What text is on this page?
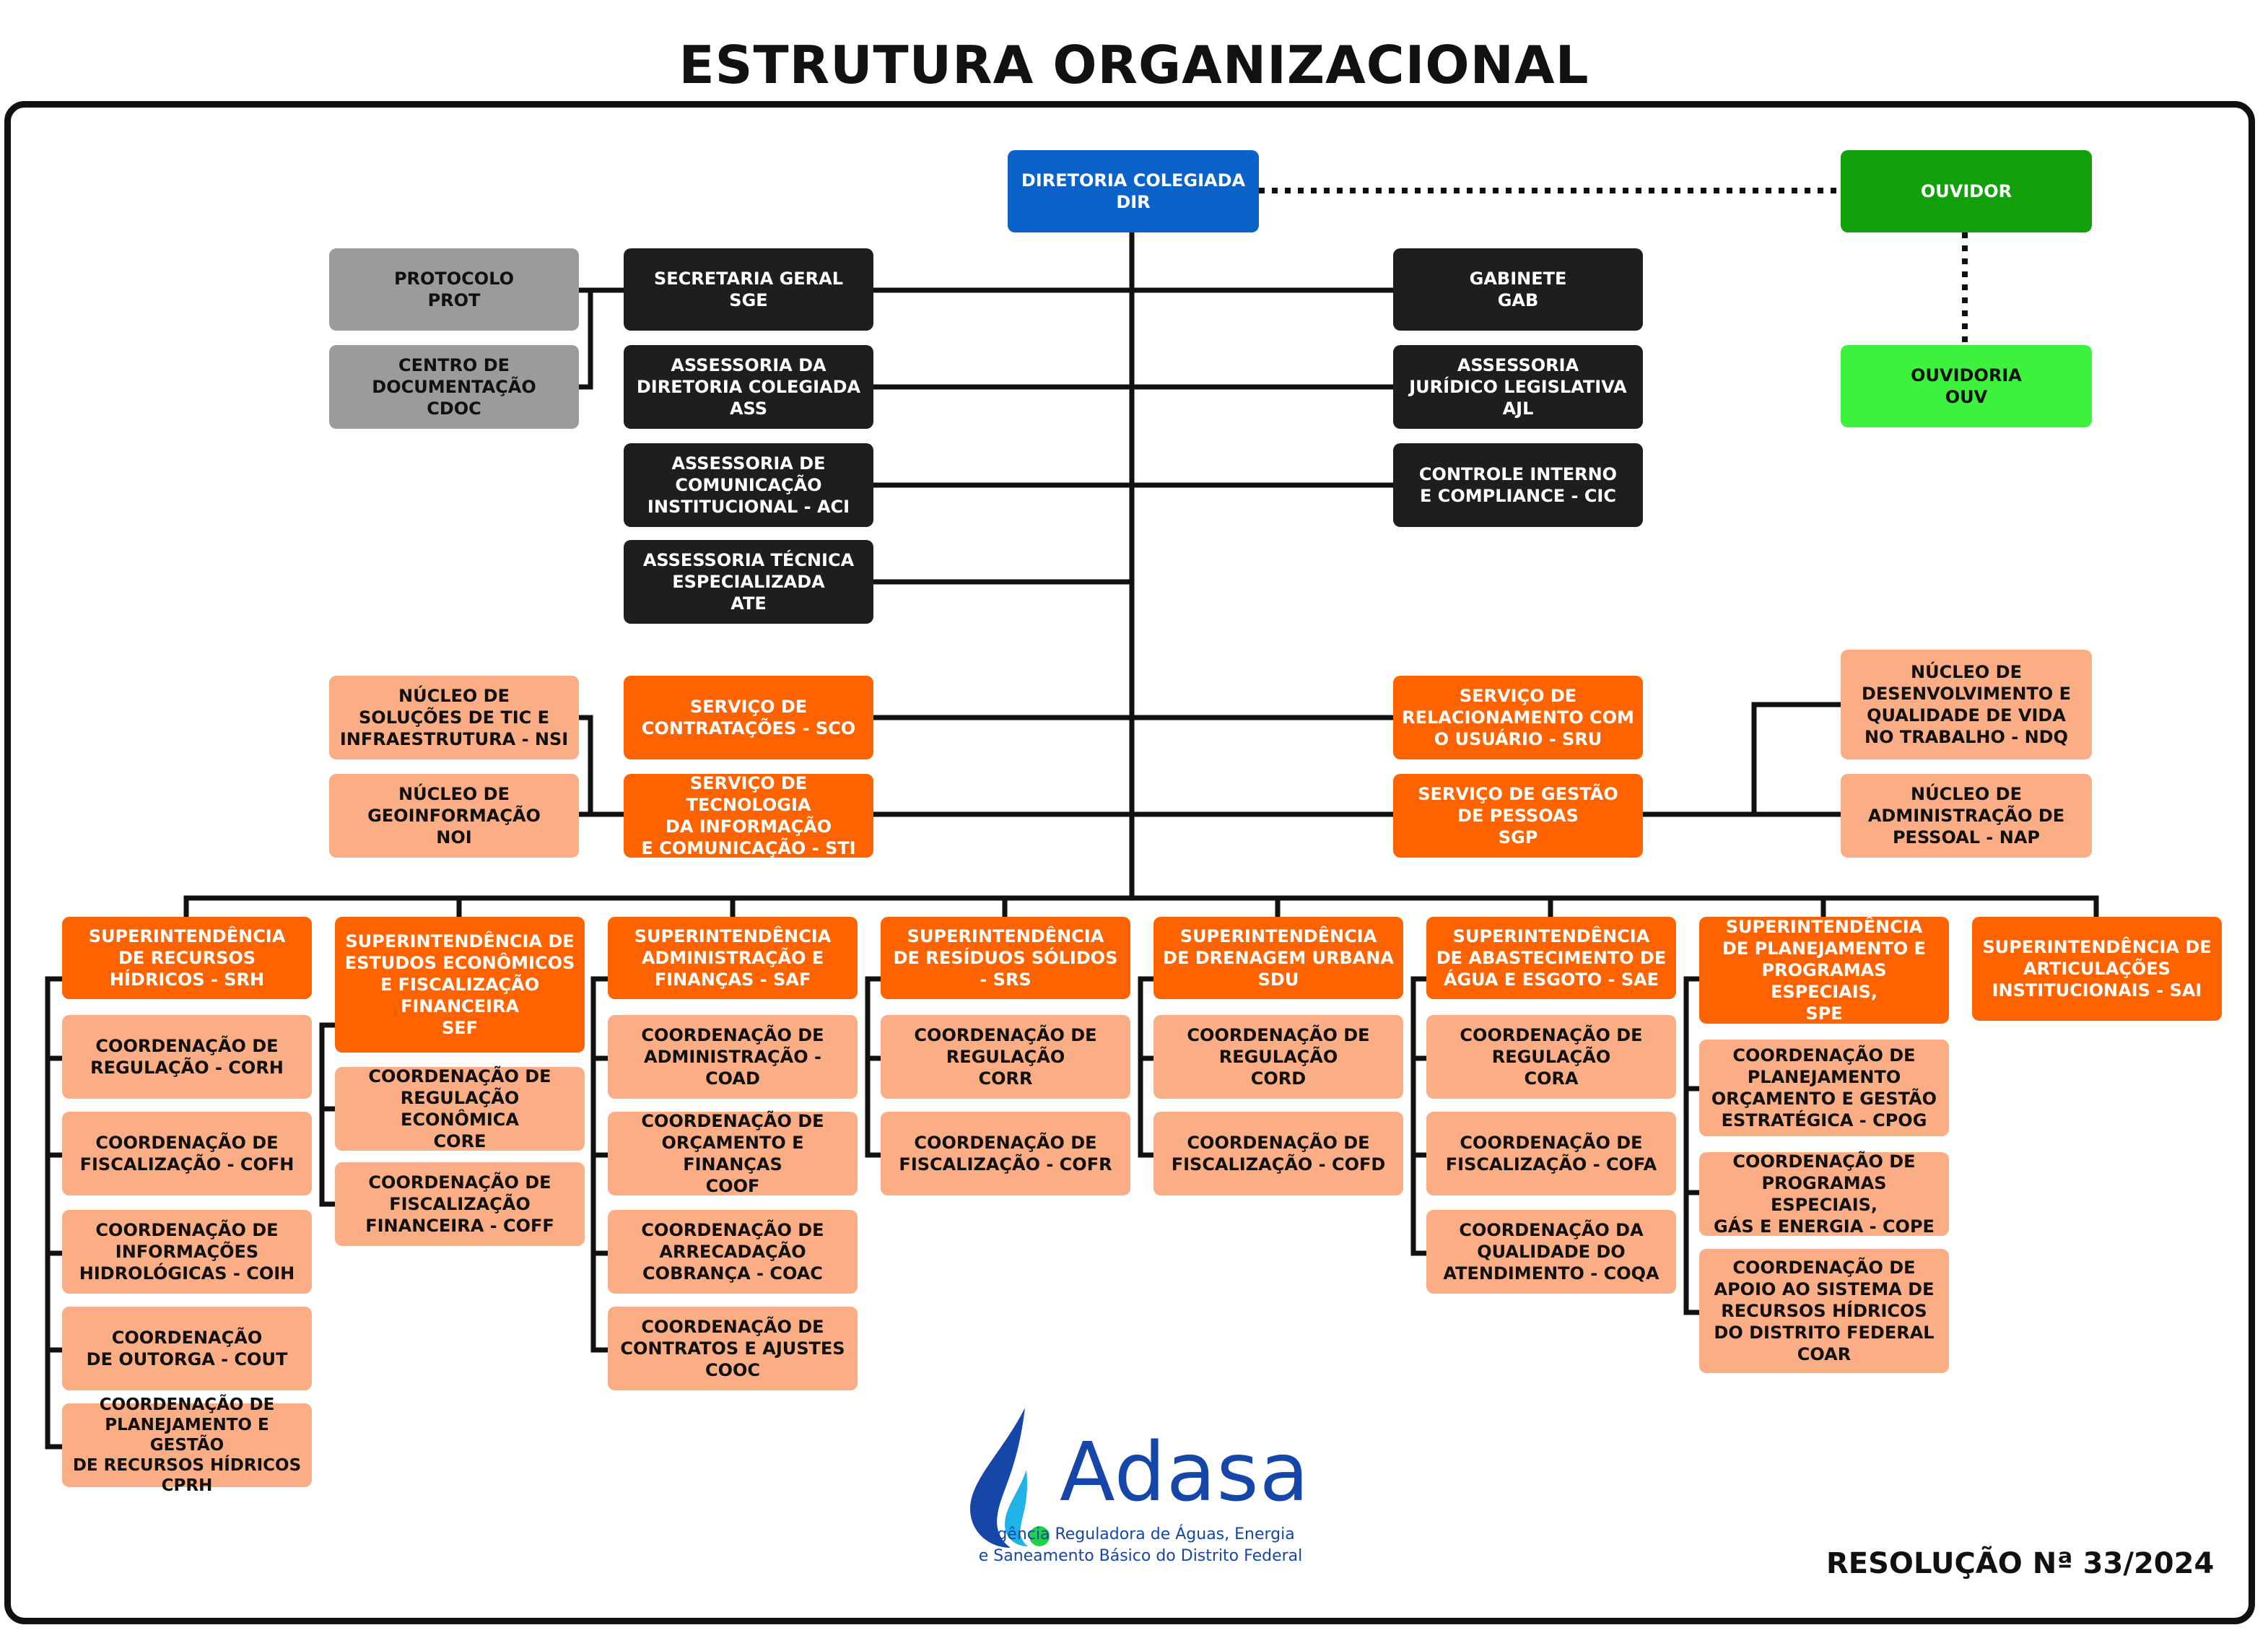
ESTRUTURA ORGANIZACIONAL
DIRETORIA COLEGIADA
DIR
OUVIDOR
OUVIDORIA
OUV
PROTOCOLO
PROT
CENTRO DE
DOCUMENTAÇÃO
CDOC
SECRETARIA GERAL
SGE
ASSESSORIA DA
DIRETORIA COLEGIADA
ASS
ASSESSORIA DE
COMUNICAÇÃO
INSTITUCIONAL - ACI
ASSESSORIA TÉCNICA
ESPECIALIZADA
ATE
GABINETE
GAB
ASSESSORIA
JURÍDICO LEGISLATIVA
AJL
CONTROLE INTERNO
E COMPLIANCE - CIC
NÚCLEO DE
SOLUÇÕES DE TIC E
INFRAESTRUTURA - NSI
NÚCLEO DE
GEOINFORMAÇÃO
NOI
SERVIÇO DE
CONTRATAÇÕES - SCO
SERVIÇO DE TECNOLOGIA
DA INFORMAÇÃO
E COMUNICAÇÃO - STI
SERVIÇO DE
RELACIONAMENTO COM
O USUÁRIO - SRU
SERVIÇO DE GESTÃO
DE PESSOAS
SGP
NÚCLEO DE
DESENVOLVIMENTO E
QUALIDADE DE VIDA
NO TRABALHO - NDQ
NÚCLEO DE
ADMINISTRAÇÃO DE
PESSOAL - NAP
SUPERINTENDÊNCIA
DE RECURSOS
HÍDRICOS - SRH
SUPERINTENDÊNCIA DE
ESTUDOS ECONÔMICOS
E FISCALIZAÇÃO
FINANCEIRA
SEF
SUPERINTENDÊNCIA
ADMINISTRAÇÃO E
FINANÇAS - SAF
SUPERINTENDÊNCIA
DE RESÍDUOS SÓLIDOS
- SRS
SUPERINTENDÊNCIA
DE DRENAGEM URBANA
SDU
SUPERINTENDÊNCIA
DE ABASTECIMENTO DE
ÁGUA E ESGOTO - SAE
SUPERINTENDÊNCIA
DE PLANEJAMENTO E
PROGRAMAS ESPECIAIS,
SPE
SUPERINTENDÊNCIA DE
ARTICULAÇÕES
INSTITUCIONAIS - SAI
COORDENAÇÃO DE
REGULAÇÃO - CORH
COORDENAÇÃO DE
FISCALIZAÇÃO - COFH
COORDENAÇÃO DE
INFORMAÇÕES
HIDROLÓGICAS - COIH
COORDENAÇÃO
DE OUTORGA - COUT
COORDENAÇÃO DE
PLANEJAMENTO E GESTÃO
DE RECURSOS HÍDRICOS
CPRH
COORDENAÇÃO DE
REGULAÇÃO ECONÔMICA
CORE
COORDENAÇÃO DE
FISCALIZAÇÃO
FINANCEIRA - COFF
COORDENAÇÃO DE
ADMINISTRAÇÃO - COAD
COORDENAÇÃO DE
ORÇAMENTO E FINANÇAS
COOF
COORDENAÇÃO DE
ARRECADAÇÃO
COBRANÇA - COAC
COORDENAÇÃO DE
CONTRATOS E AJUSTES
COOC
COORDENAÇÃO DE
REGULAÇÃO
CORR
COORDENAÇÃO DE
FISCALIZAÇÃO - COFR
COORDENAÇÃO DE
REGULAÇÃO
CORD
COORDENAÇÃO DE
FISCALIZAÇÃO - COFD
COORDENAÇÃO DE
REGULAÇÃO
CORA
COORDENAÇÃO DE
FISCALIZAÇÃO - COFA
COORDENAÇÃO DA
QUALIDADE DO
ATENDIMENTO - COQA
COORDENAÇÃO DE
PLANEJAMENTO
ORÇAMENTO E GESTÃO
ESTRATÉGICA - CPOG
COORDENAÇÃO DE
PROGRAMAS ESPECIAIS,
GÁS E ENERGIA - COPE
COORDENAÇÃO DE
APOIO AO SISTEMA DE
RECURSOS HÍDRICOS
DO DISTRITO FEDERAL
COAR
Adasa
Agência Reguladora de Águas, Energia
e Saneamento Básico do Distrito Federal	RESOLUÇÃO Nª 33/2024
